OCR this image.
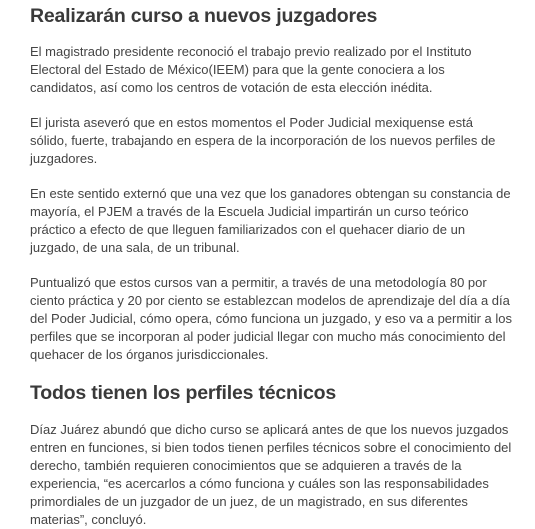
Realizarán curso a nuevos juzgadores

El magistrado presidente reconoció el trabajo previo realizado por el Instituto Electoral del Estado de México(IEEM) para que la gente conociera a los candidatos, así como los centros de votación de esta elección inédita.

El jurista aseveró que en estos momentos el Poder Judicial mexiquense está sólido, fuerte, trabajando en espera de la incorporación de los nuevos perfiles de juzgadores.

En este sentido externó que una vez que los ganadores obtengan su constancia de mayoría, el PJEM a través de la Escuela Judicial impartirán un curso teórico práctico a efecto de que lleguen familiarizados con el quehacer diario de un juzgado, de una sala, de un tribunal.

Puntualizó que estos cursos van a permitir, a través de una metodología 80 por ciento práctica y 20 por ciento se establezcan modelos de aprendizaje del día a día del Poder Judicial, cómo opera, cómo funciona un juzgado, y eso va a permitir a los perfiles que se incorporan al poder judicial llegar con mucho más conocimiento del quehacer de los órganos jurisdiccionales.

Todos tienen los perfiles técnicos

Díaz Juárez abundó que dicho curso se aplicará antes de que los nuevos juzgados entren en funciones, si bien todos tienen perfiles técnicos sobre el conocimiento del derecho, también requieren conocimientos que se adquieren a través de la experiencia, “es acercarlos a cómo funciona y cuáles son las responsabilidades primordiales de un juzgador de un juez, de un magistrado, en sus diferentes materias”, concluyó.
